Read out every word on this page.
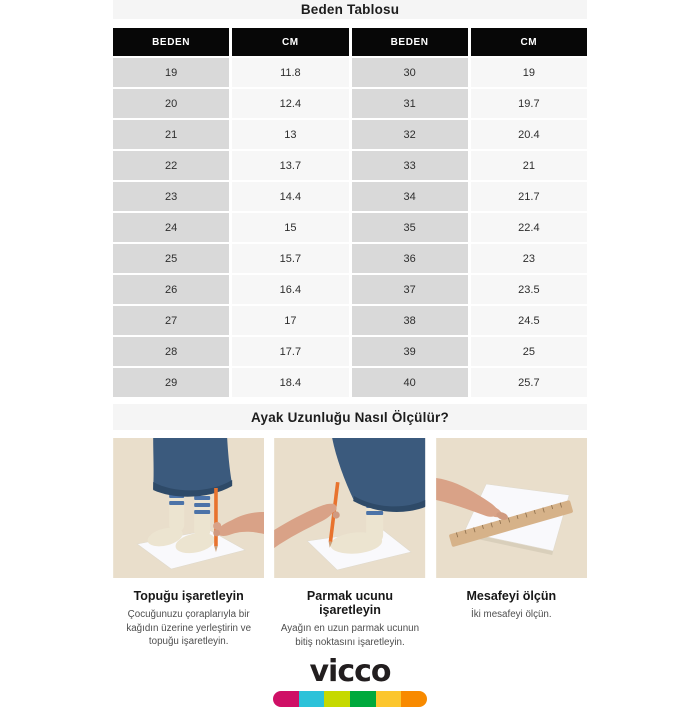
Beden Tablosu
BEDEN	CM	BEDEN	CM
19	11.8	30	19
20	12.4	31	19.7
21	13	32	20.4
22	13.7	33	21
23	14.4	34	21.7
24	15	35	22.4
25	15.7	36	23
26	16.4	37	23.5
27	17	38	24.5
28	17.7	39	25
29	18.4	40	25.7
Ayak Uzunluğu Nasıl Ölçülür?
Topuğu işaretleyin
Çocuğunuzu çoraplarıyla bir kağıdın üzerine yerleştirin ve topuğu işaretleyin.
Parmak ucunu işaretleyin
Ayağın en uzun parmak ucunun bitiş noktasını işaretleyin.
Mesafeyi ölçün
İki mesafeyi ölçün.
vicco
